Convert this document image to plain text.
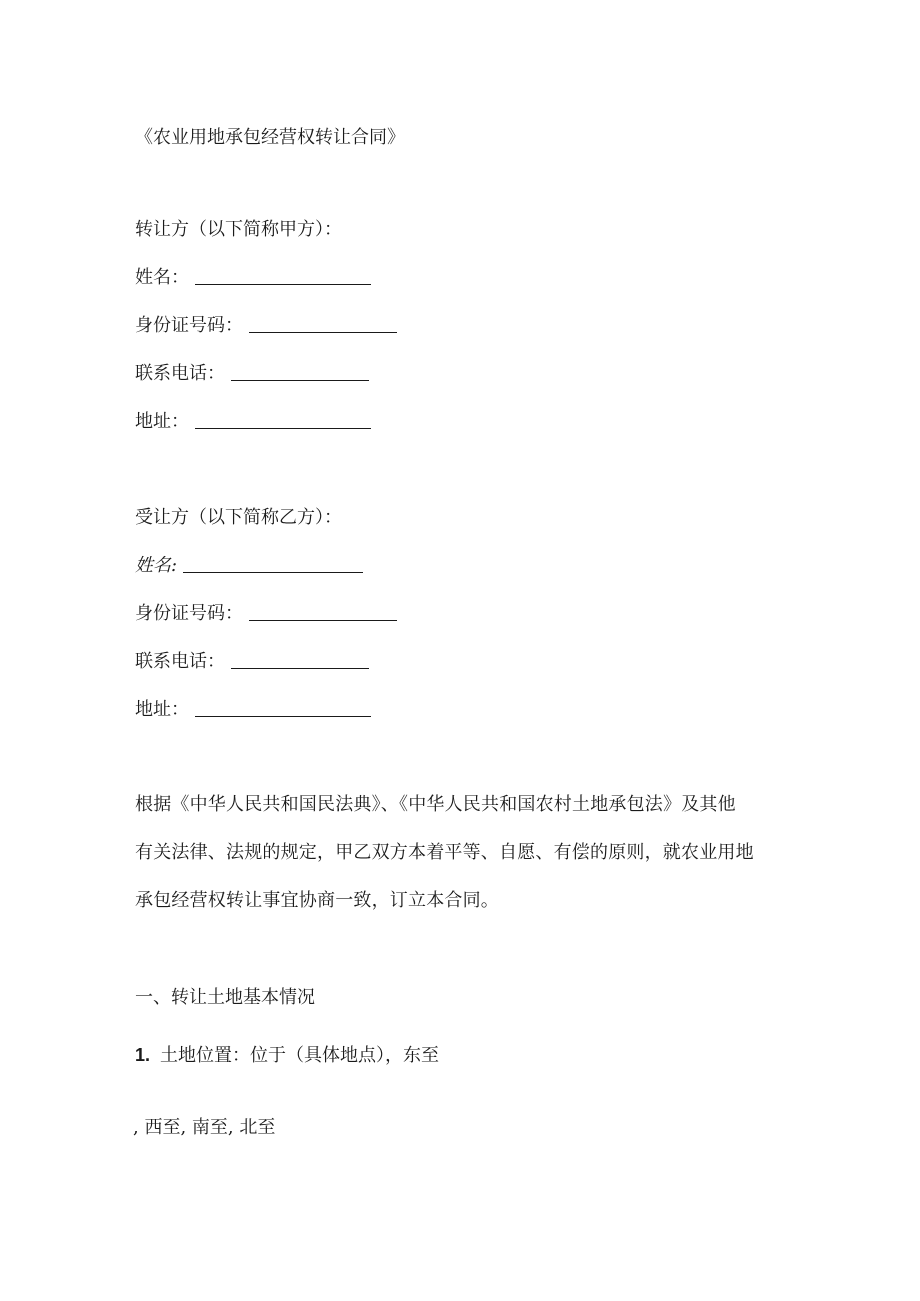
《农业用地承包经营权转让合同》
转让方（以下简称甲方）：
姓名：
身份证号码：
联系电话：
地址：
受让方（以下简称乙方）：
姓名:
身份证号码：
联系电话：
地址：
根据《中华人民共和国民法典》、《中华人民共和国农村土地承包法》及其他
有关法律、法规的规定，甲乙双方本着平等、自愿、有偿的原则，就农业用地
承包经营权转让事宜协商一致，订立本合同。
一、转让土地基本情况
1. 土地位置：位于（具体地点），东至
, 西至, 南至, 北至
